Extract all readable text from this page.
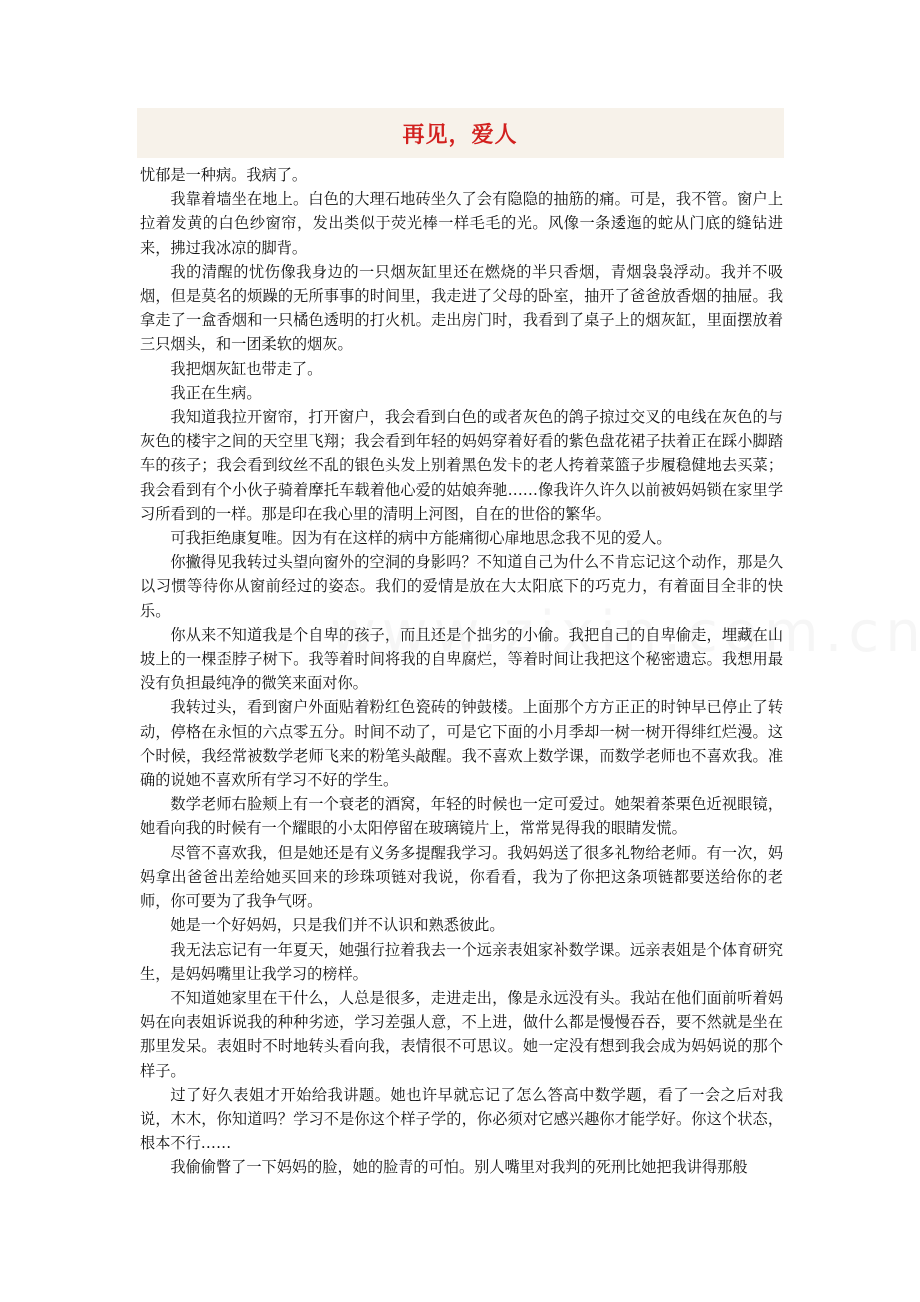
再见，爱人

忧郁是一种病。我病了。

我靠着墙坐在地上。白色的大理石地砖坐久了会有隐隐的抽筋的痛。可是，我不管。窗户上拉着发黄的白色纱窗帘，发出类似于荧光棒一样毛毛的光。风像一条逶迤的蛇从门底的缝钻进来，拂过我冰凉的脚背。

我的清醒的忧伤像我身边的一只烟灰缸里还在燃烧的半只香烟，青烟袅袅浮动。我并不吸烟，但是莫名的烦躁的无所事事的时间里，我走进了父母的卧室，抽开了爸爸放香烟的抽屉。我拿走了一盒香烟和一只橘色透明的打火机。走出房门时，我看到了桌子上的烟灰缸，里面摆放着三只烟头，和一团柔软的烟灰。

我把烟灰缸也带走了。

我正在生病。

我知道我拉开窗帘，打开窗户，我会看到白色的或者灰色的鸽子掠过交叉的电线在灰色的与灰色的楼宇之间的天空里飞翔；我会看到年轻的妈妈穿着好看的紫色盘花裙子扶着正在踩小脚踏车的孩子；我会看到纹丝不乱的银色头发上别着黑色发卡的老人挎着菜篮子步履稳健地去买菜；我会看到有个小伙子骑着摩托车载着他心爱的姑娘奔驰……像我许久许久以前被妈妈锁在家里学习所看到的一样。那是印在我心里的清明上河图，自在的世俗的繁华。

可我拒绝康复唯。因为有在这样的病中方能痛彻心扉地思念我不见的爱人。

你撇得见我转过头望向窗外的空洞的身影吗？不知道自己为什么不肯忘记这个动作，那是久以习惯等待你从窗前经过的姿态。我们的爱情是放在大太阳底下的巧克力，有着面目全非的快乐。

你从来不知道我是个自卑的孩子，而且还是个拙劣的小偷。我把自己的自卑偷走，埋藏在山坡上的一棵歪脖子树下。我等着时间将我的自卑腐烂，等着时间让我把这个秘密遗忘。我想用最没有负担最纯净的微笑来面对你。

我转过头，看到窗户外面贴着粉红色瓷砖的钟鼓楼。上面那个方方正正的时钟早已停止了转动，停格在永恒的六点零五分。时间不动了，可是它下面的小月季却一树一树开得绯红烂漫。这个时候，我经常被数学老师飞来的粉笔头敲醒。我不喜欢上数学课，而数学老师也不喜欢我。准确的说她不喜欢所有学习不好的学生。

数学老师右脸颊上有一个衰老的酒窝，年轻的时候也一定可爱过。她架着茶栗色近视眼镜，她看向我的时候有一个耀眼的小太阳停留在玻璃镜片上，常常晃得我的眼睛发慌。

尽管不喜欢我，但是她还是有义务多提醒我学习。我妈妈送了很多礼物给老师。有一次，妈妈拿出爸爸出差给她买回来的珍珠项链对我说，你看看，我为了你把这条项链都要送给你的老师，你可要为了我争气呀。

她是一个好妈妈，只是我们并不认识和熟悉彼此。

我无法忘记有一年夏天，她强行拉着我去一个远亲表姐家补数学课。远亲表姐是个体育研究生，是妈妈嘴里让我学习的榜样。

不知道她家里在干什么，人总是很多，走进走出，像是永远没有头。我站在他们面前听着妈妈在向表姐诉说我的种种劣迹，学习差强人意，不上进，做什么都是慢慢吞吞，要不然就是坐在那里发呆。表姐时不时地转头看向我，表情很不可思议。她一定没有想到我会成为妈妈说的那个样子。

过了好久表姐才开始给我讲题。她也许早就忘记了怎么答高中数学题，看了一会之后对我说，木木，你知道吗？学习不是你这个样子学的，你必须对它感兴趣你才能学好。你这个状态，根本不行……

我偷偷瞥了一下妈妈的脸，她的脸青的可怕。别人嘴里对我判的死刑比她把我讲得那般
